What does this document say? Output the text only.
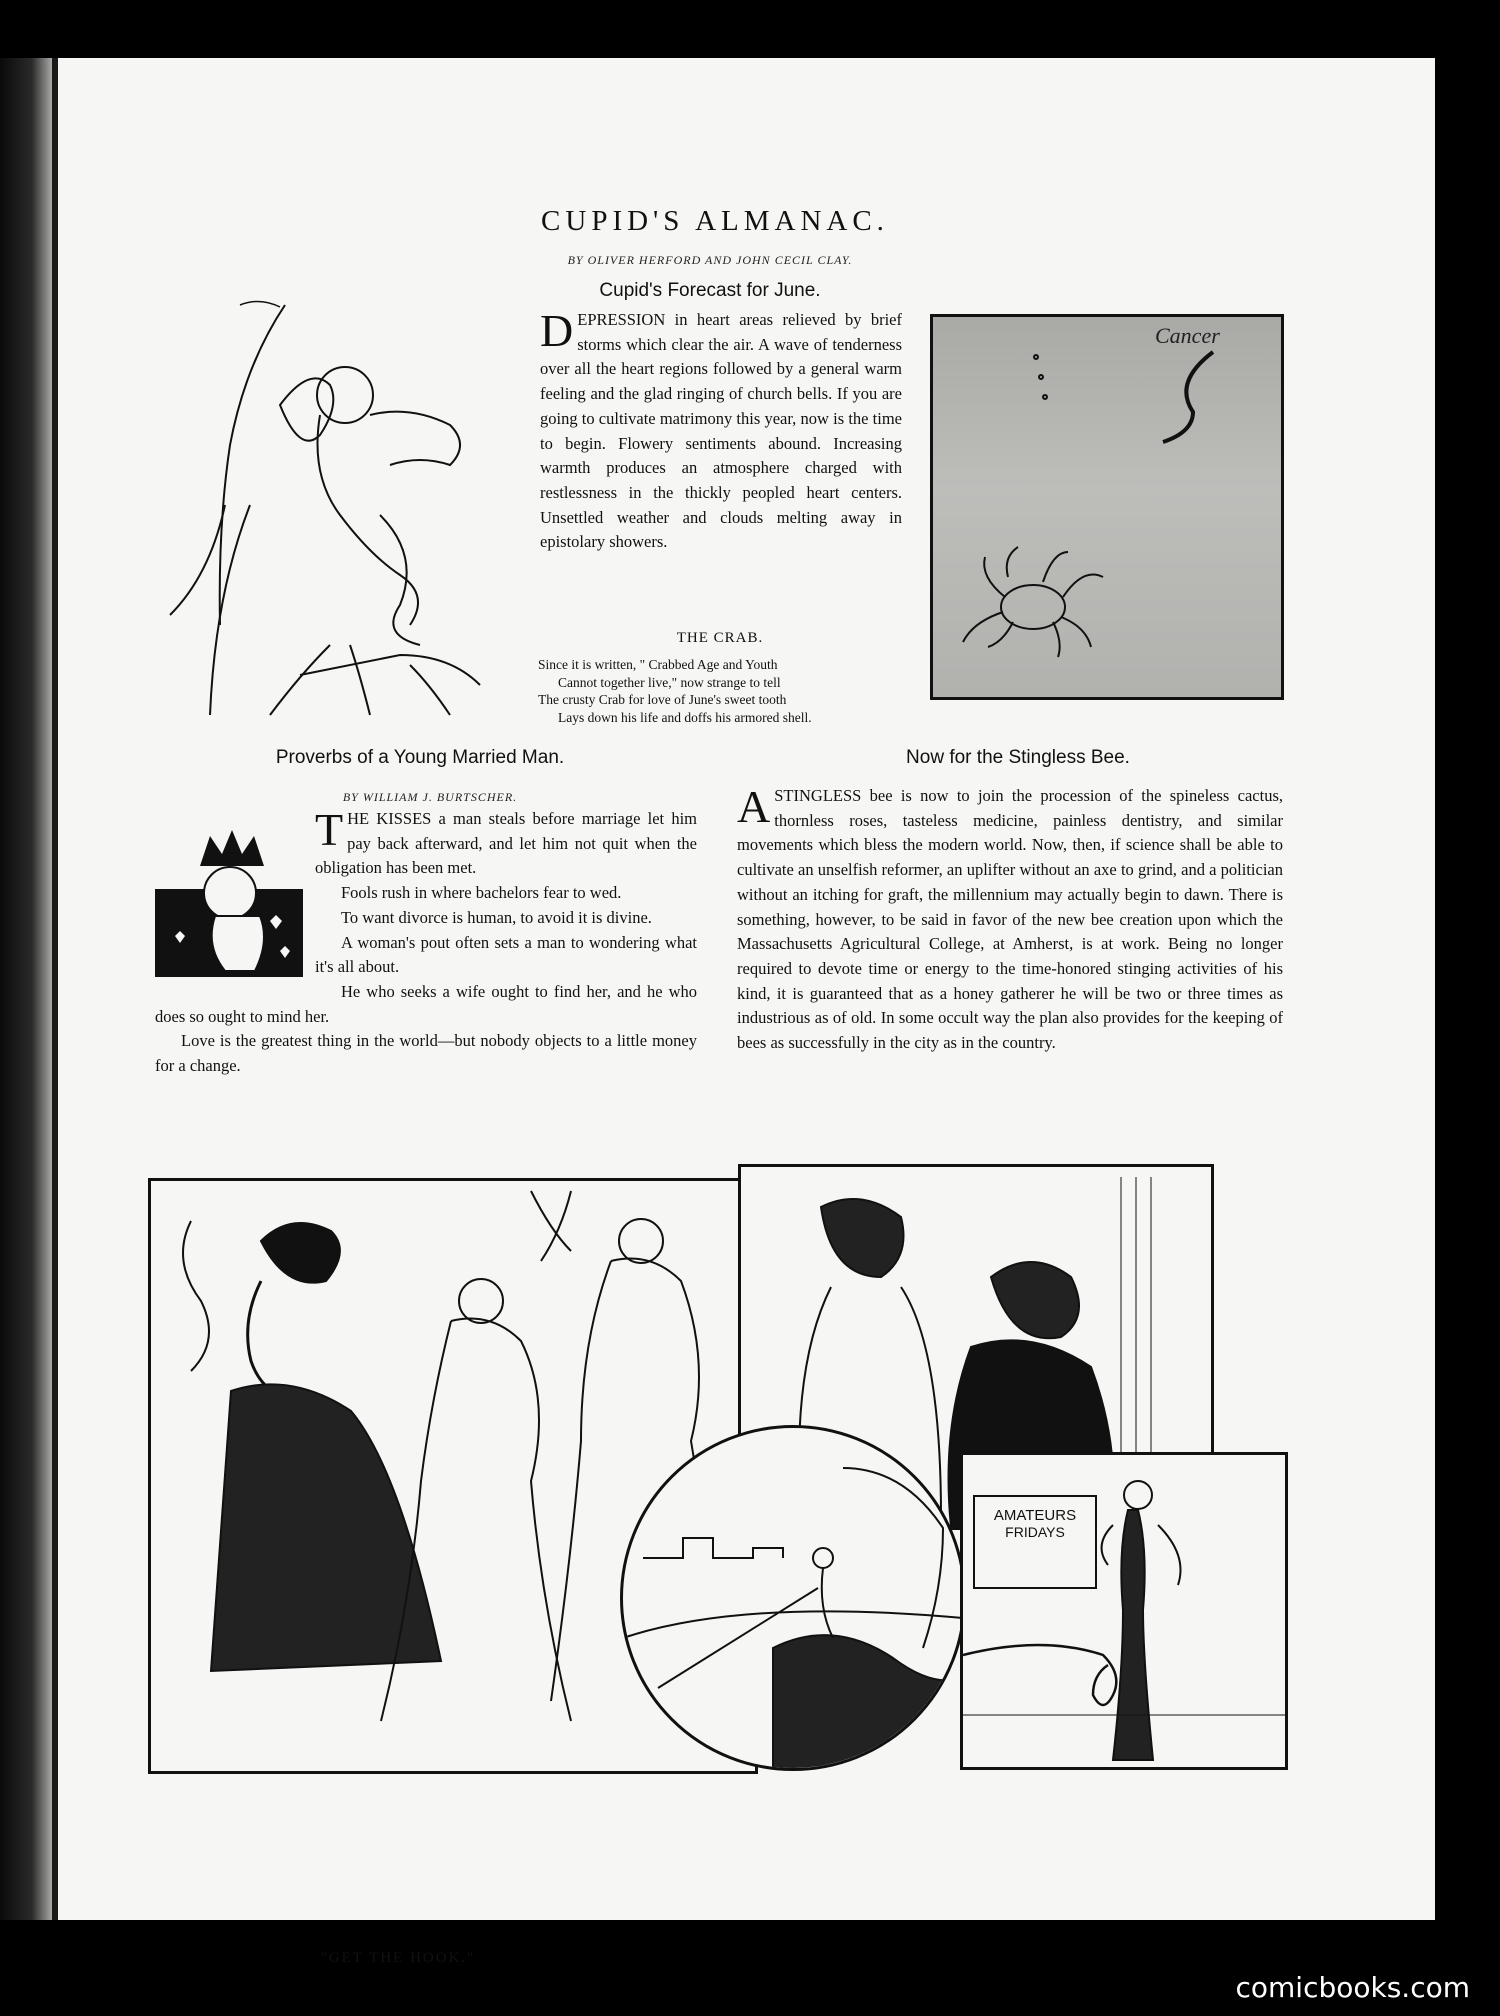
CUPID'S ALMANAC.
BY OLIVER HERFORD AND JOHN CECIL CLAY.
Cupid's Forecast for June.
DEPRESSION in heart areas relieved by brief storms which clear the air. A wave of tenderness over all the heart regions followed by a general warm feeling and the glad ringing of church bells. If you are going to cultivate matrimony this year, now is the time to begin. Flowery sentiments abound. Increasing warmth produces an atmosphere charged with restlessness in the thickly peopled heart centers. Unsettled weather and clouds melting away in epistolary showers.
THE CRAB.
Since it is written, " Crabbed Age and Youth
Cannot together live," now strange to tell
The crusty Crab for love of June's sweet tooth
Lays down his life and doffs his armored shell.
Cancer
Proverbs of a Young Married Man.
BY WILLIAM J. BURTSCHER.

THE KISSES a man steals before marriage let him pay back afterward, and let him not quit when the obligation has been met.

Fools rush in where bachelors fear to wed.

To want divorce is human, to avoid it is divine.

A woman's pout often sets a man to wondering what it's all about.

He who seeks a wife ought to find her, and he who does so ought to mind her.

Love is the greatest thing in the world—but nobody objects to a little money for a change.

Now for the Stingless Bee.

ASTINGLESS bee is now to join the procession of the spineless cactus, thornless roses, tasteless medicine, painless dentistry, and similar movements which bless the modern world. Now, then, if science shall be able to cultivate an unselfish reformer, an uplifter without an axe to grind, and a politician without an itching for graft, the millennium may actually begin to dawn. There is something, however, to be said in favor of the new bee creation upon which the Massachusetts Agricultural College, at Amherst, is at work. Being no longer required to devote time or energy to the time-honored stinging activities of his kind, it is guaranteed that as a honey gatherer he will be two or three times as industrious as of old. In some occult way the plan also provides for the keeping of bees as successfully in the city as in the country.

AMATEURS
FRIDAYS
"GET THE HOOK."
comicbooks.com
